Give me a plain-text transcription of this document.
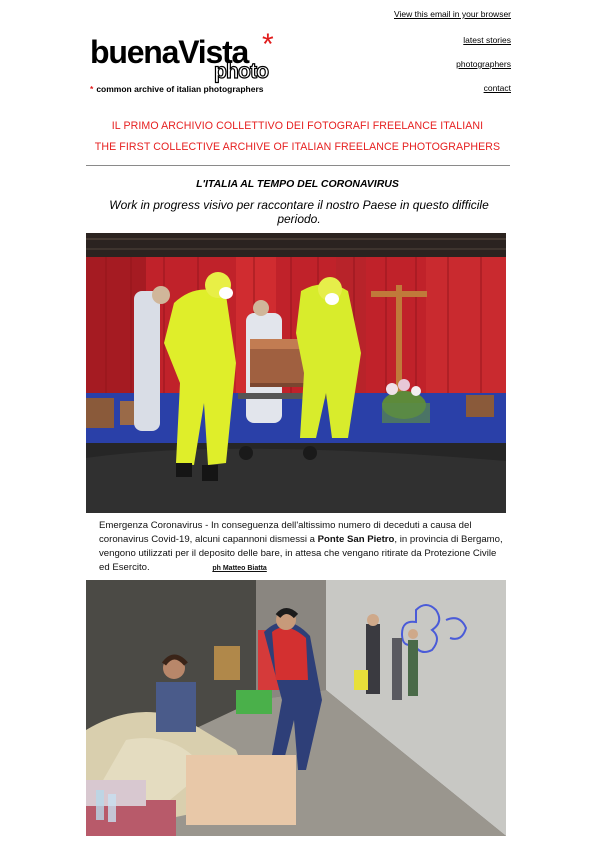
View this email in your browser
latest stories
photographers
contact
buenaVista *
photo
* common archive of italian photographers
IL PRIMO ARCHIVIO COLLETTIVO DEI FOTOGRAFI FREELANCE ITALIANI
THE FIRST COLLECTIVE ARCHIVE OF ITALIAN FREELANCE PHOTOGRAPHERS
L'ITALIA AL TEMPO DEL CORONAVIRUS
Work in progress visivo per raccontare il nostro Paese in questo difficile periodo.
Emergenza Coronavirus - In conseguenza dell'altissimo numero di deceduti a causa del coronavirus Covid-19, alcuni capannoni dismessi a Ponte San Pietro, in provincia di Bergamo, vengono utilizzati per il deposito delle bare, in attesa che vengano ritirate da Protezione Civile ed Esercito.	ph Matteo Biatta
